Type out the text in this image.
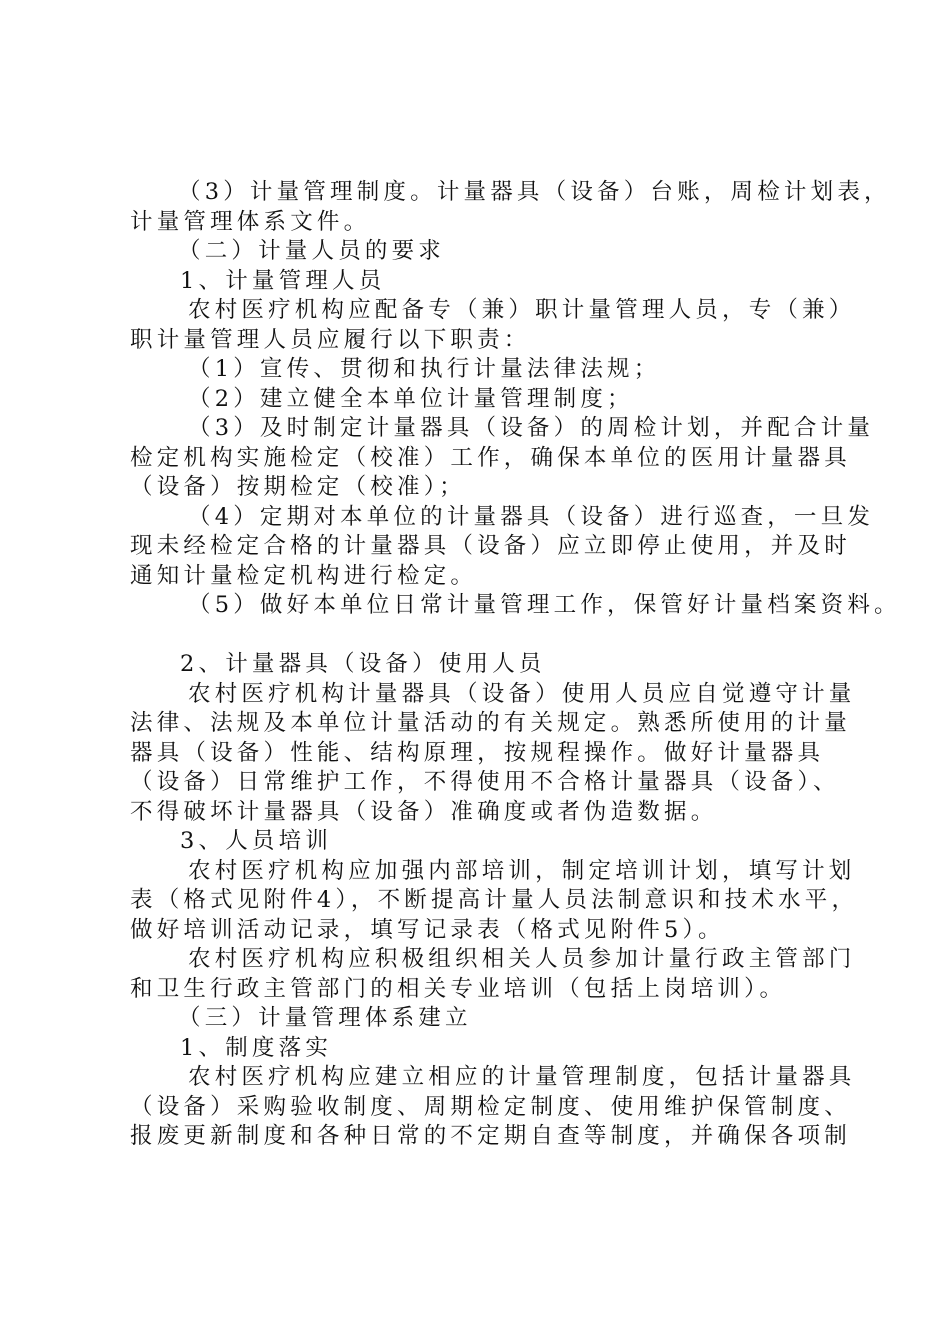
（3）计量管理制度。计量器具（设备）台账，周检计划表，
计量管理体系文件。
（二）计量人员的要求
1、计量管理人员
农村医疗机构应配备专（兼）职计量管理人员，专（兼）
职计量管理人员应履行以下职责：
（1）宣传、贯彻和执行计量法律法规；
（2）建立健全本单位计量管理制度；
（3）及时制定计量器具（设备）的周检计划，并配合计量
检定机构实施检定（校准）工作，确保本单位的医用计量器具
（设备）按期检定（校准）；
（4）定期对本单位的计量器具（设备）进行巡查，一旦发
现未经检定合格的计量器具（设备）应立即停止使用，并及时
通知计量检定机构进行检定。
（5）做好本单位日常计量管理工作，保管好计量档案资料。
2、计量器具（设备）使用人员
农村医疗机构计量器具（设备）使用人员应自觉遵守计量
法律、法规及本单位计量活动的有关规定。熟悉所使用的计量
器具（设备）性能、结构原理，按规程操作。做好计量器具
（设备）日常维护工作，不得使用不合格计量器具（设备）、
不得破坏计量器具（设备）准确度或者伪造数据。
3、人员培训
农村医疗机构应加强内部培训，制定培训计划，填写计划
表（格式见附件4），不断提高计量人员法制意识和技术水平，
做好培训活动记录，填写记录表（格式见附件5）。
农村医疗机构应积极组织相关人员参加计量行政主管部门
和卫生行政主管部门的相关专业培训（包括上岗培训）。
（三）计量管理体系建立
1、制度落实
农村医疗机构应建立相应的计量管理制度，包括计量器具
（设备）采购验收制度、周期检定制度、使用维护保管制度、
报废更新制度和各种日常的不定期自查等制度，并确保各项制
